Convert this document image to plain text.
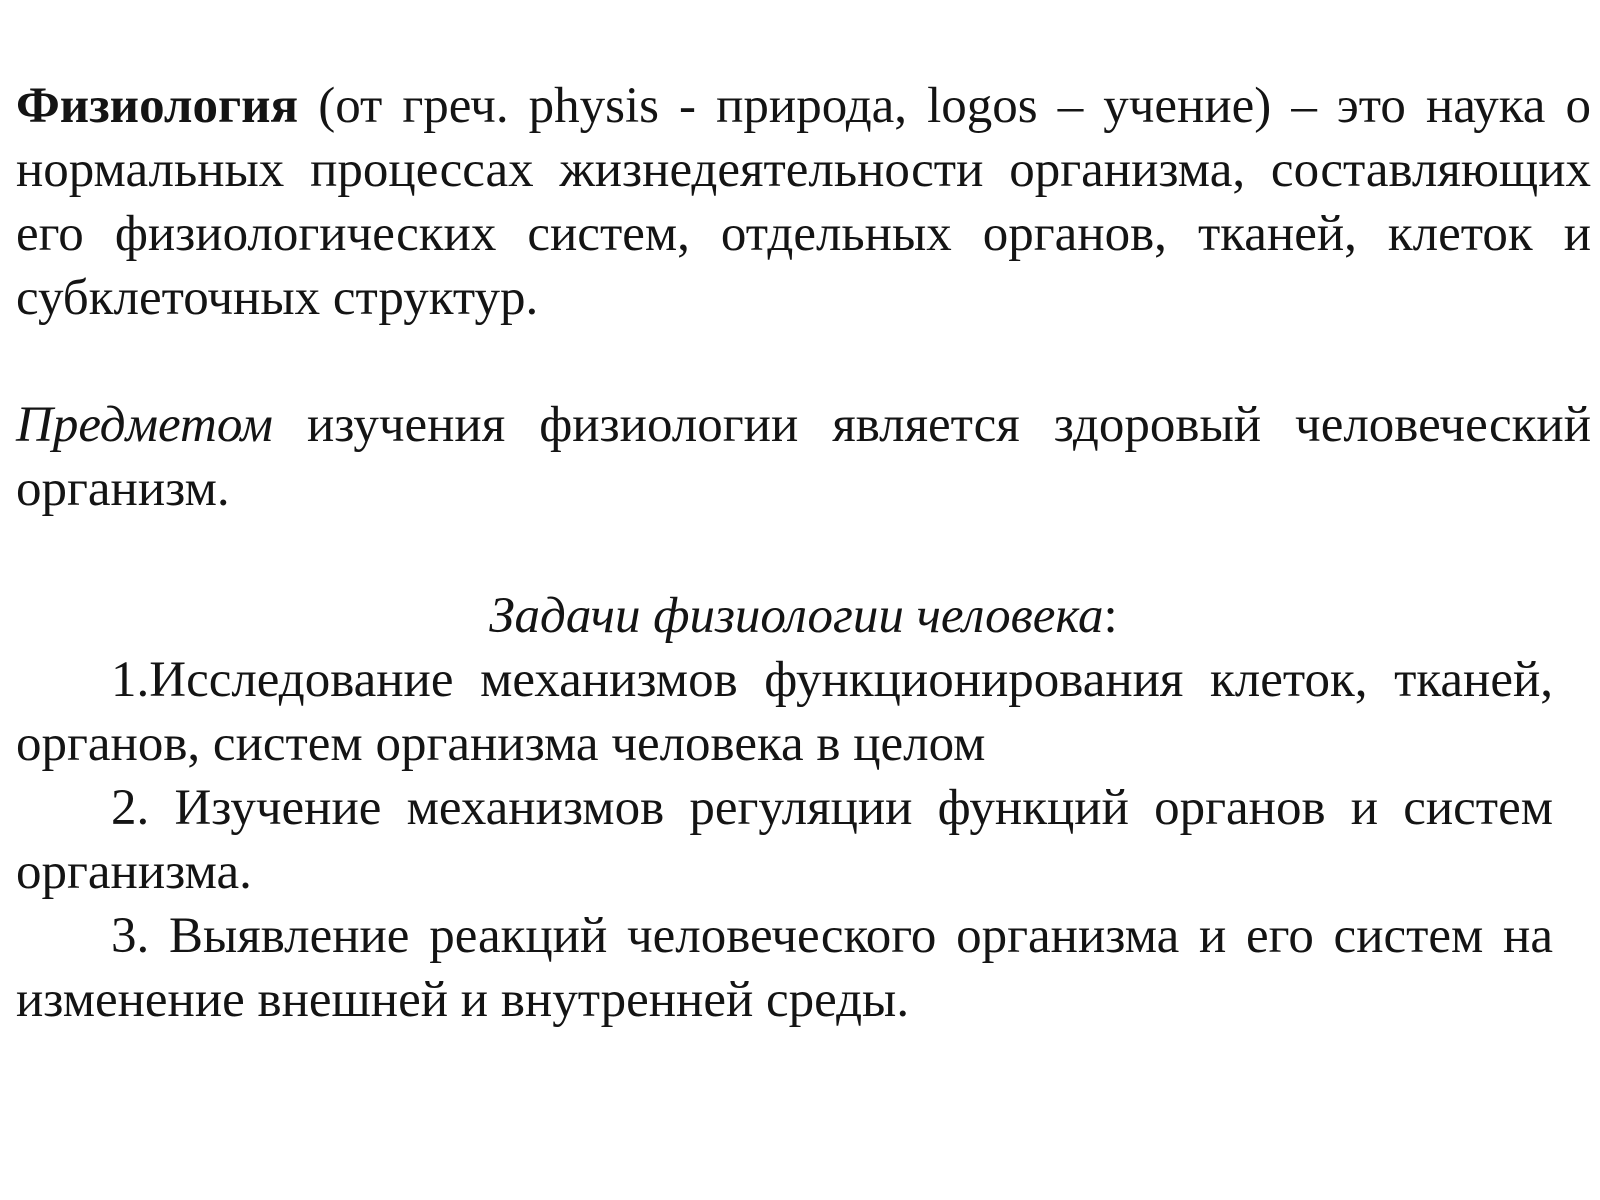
Физиология (от греч. physis - природа, logos – учение) – это наука о нормальных процессах жизнедеятельности организма, составляющих его физиологических систем, отдельных органов, тканей, клеток и субклеточных структур.

Предметом изучения физиологии является здоровый человеческий организм.

Задачи физиологии человека:

1.Исследование механизмов функционирования клеток, тканей, органов, систем организма человека в целом

2. Изучение механизмов регуляции функций органов и систем организма.

3. Выявление реакций человеческого организма и его систем на изменение внешней и внутренней среды.
